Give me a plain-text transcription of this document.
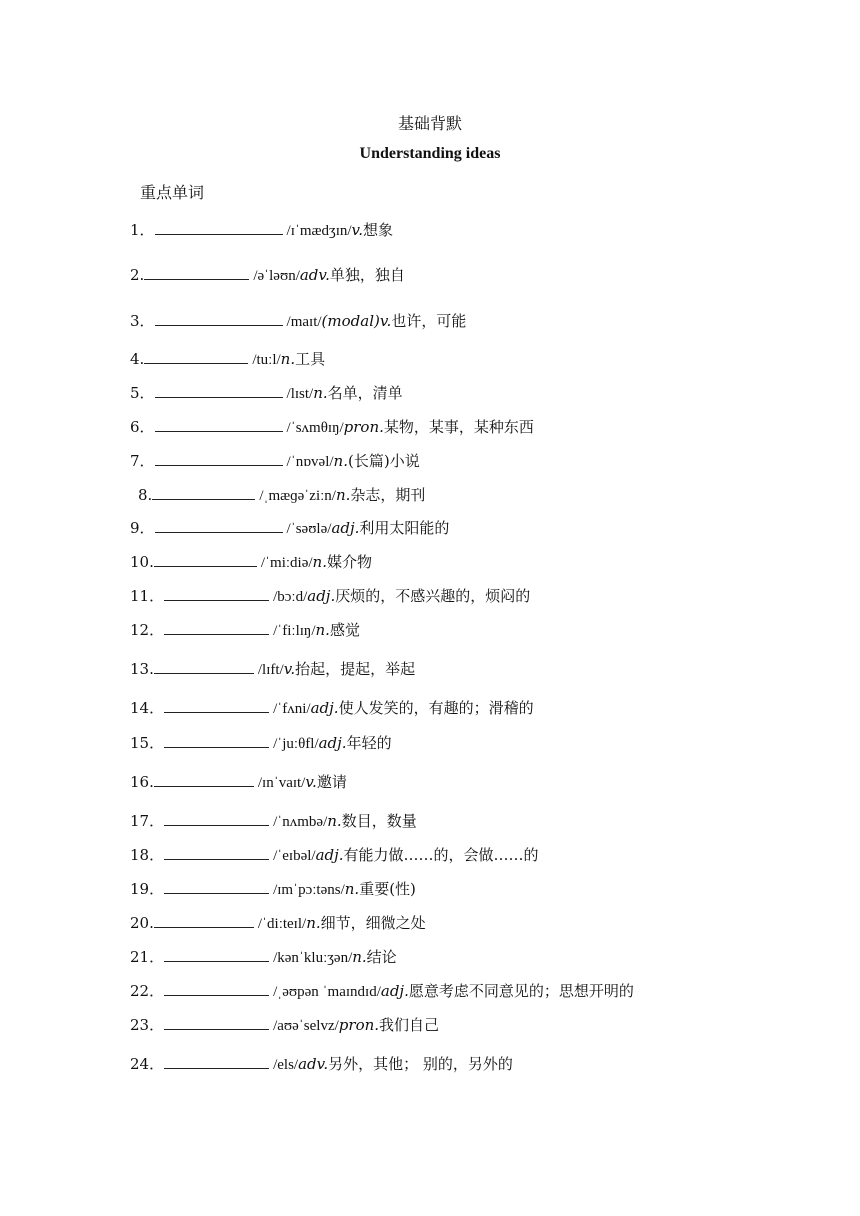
基础背默
Understanding ideas
重点单词
1．	/ɪˈmædʒɪn/v.想象
2.	/əˈləʊn/adv.单独，独自
3．	/maɪt/(modal)v.也许，可能
4.	/tuːl/n.工具
5．	/lɪst/n.名单，清单
6．	/ˈsʌmθɪŋ/pron.某物，某事，某种东西
7．	/ˈnɒvəl/n.(长篇)小说
8.	/ˌmæɡəˈziːn/n.杂志，期刊
9．	/ˈsəʊlə/adj.利用太阳能的
10.	/ˈmiːdiə/n.媒介物
11．	/bɔːd/adj.厌烦的，不感兴趣的，烦闷的
12．	/ˈfiːlɪŋ/n.感觉
13.	/lɪft/v.抬起，提起，举起
14．	/ˈfʌni/adj.使人发笑的，有趣的；滑稽的
15．	/ˈjuːθfl/adj.年轻的
16.	/ɪnˈvaɪt/v.邀请
17．	/ˈnʌmbə/n.数目，数量
18．	/ˈeɪbəl/adj.有能力做……的，会做……的
19．	/ɪmˈpɔːtəns/n.重要(性)
20.	/ˈdiːteɪl/n.细节，细微之处
21．	/kənˈkluːʒən/n.结论
22．	/ˌəʊpən ˈmaɪndɪd/adj.愿意考虑不同意见的；思想开明的
23．	/aʊəˈselvz/pron.我们自己
24．	/els/adv.另外，其他； 别的，另外的
